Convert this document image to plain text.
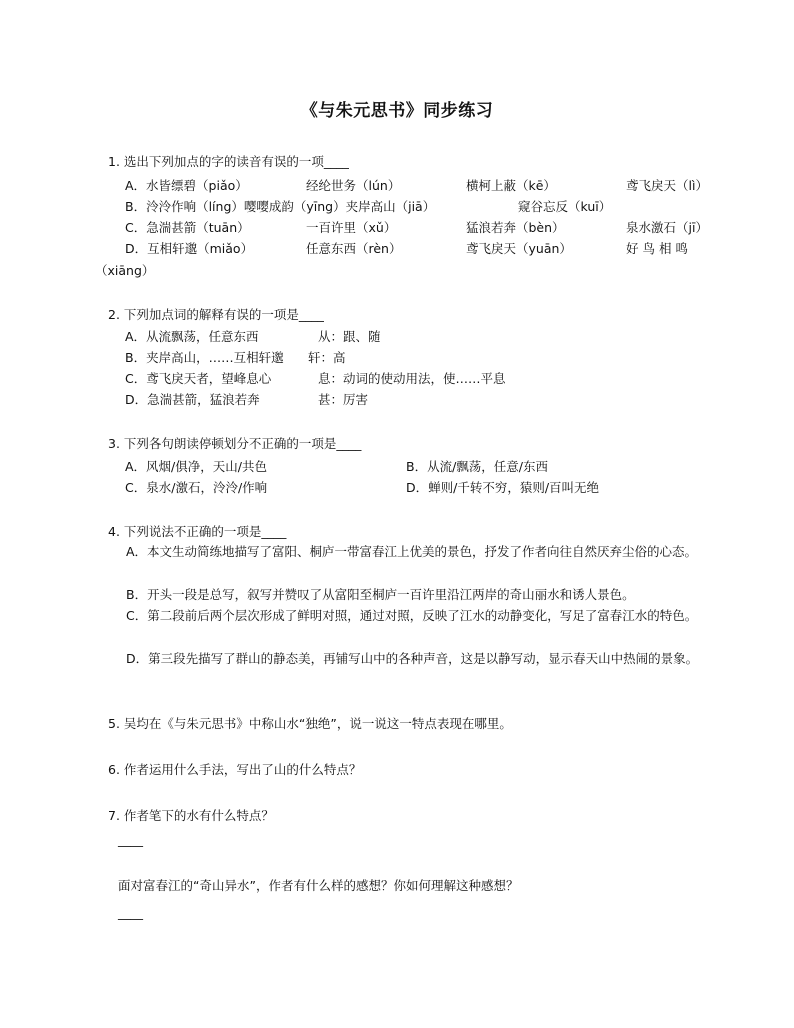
《与朱元思书》同步练习
1. 选出下列加点的字的读音有误的一项____
A．水皆缥碧（piǎo）	经纶世务（lún）	横柯上蔽（kē）	鸢飞戾天（lì）
B．泠泠作响（líng）嘤嘤成韵（yīng）夹岸高山（jiā）	窥谷忘反（kuī）
C．急湍甚箭（tuān）	一百许里（xǔ）	猛浪若奔（bèn）	泉水激石（jī）
D．互相轩邈（miǎo）	任意东西（rèn）	鸢飞戾天（yuān）	好 鸟 相 鸣
（xiāng）
2. 下列加点词的解释有误的一项是____
A．从流飘荡，任意东西	从：跟、随
B．夹岸高山，……互相轩邈 轩：高
C．鸢飞戾天者，望峰息心	息：动词的使动用法，使……平息
D．急湍甚箭，猛浪若奔	甚：厉害
3. 下列各句朗读停顿划分不正确的一项是____
A．风烟/俱净，天山/共色	B．从流/飘荡，任意/东西
C．泉水/激石，泠泠/作响	D．蝉则/千转不穷，猿则/百叫无绝
4. 下列说法不正确的一项是____
A．本文生动简练地描写了富阳、桐庐一带富春江上优美的景色，抒发了作者向往自然厌弃尘俗的心态。
B．开头一段是总写，叙写并赞叹了从富阳至桐庐一百许里沿江两岸的奇山丽水和诱人景色。
C．第二段前后两个层次形成了鲜明对照，通过对照，反映了江水的动静变化，写足了富春江水的特色。
D．第三段先描写了群山的静态美，再铺写山中的各种声音，这是以静写动，显示春天山中热闹的景象。
5. 吴均在《与朱元思书》中称山水“独绝”，说一说这一特点表现在哪里。
6. 作者运用什么手法，写出了山的什么特点？
7. 作者笔下的水有什么特点？
____
面对富春江的“奇山异水”，作者有什么样的感想？你如何理解这种感想？
____
